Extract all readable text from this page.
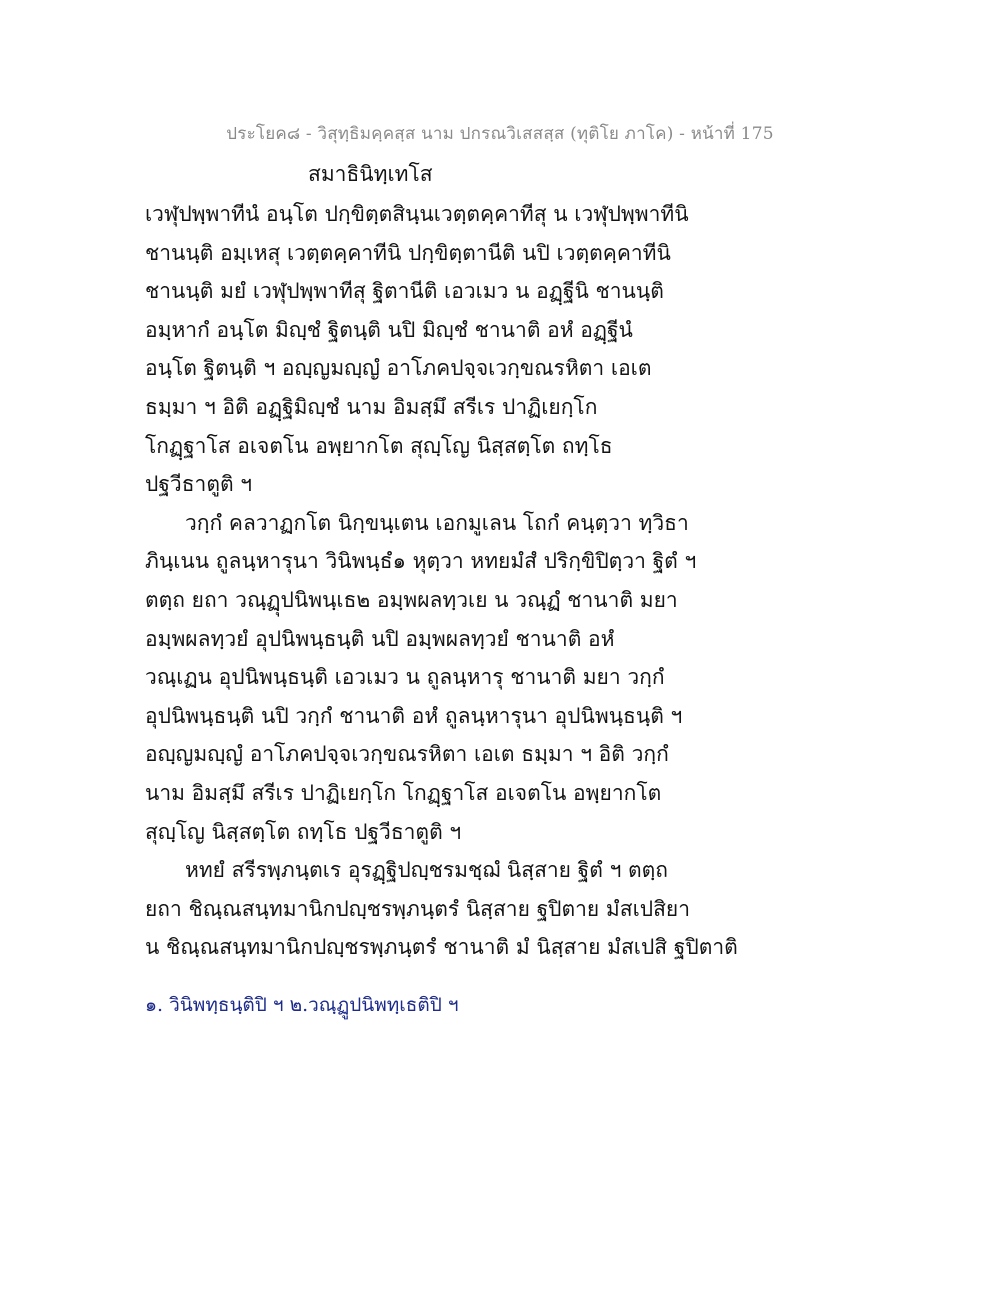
ประโยค๘ - วิสุทฺธิมคฺคสฺส นาม ปกรณวิเสสสฺส (ทุติโย ภาโค) - หน้าที่ 175
สมาธินิทฺเทโส
เวฬุปพฺพาทีนํ อนฺโต ปกฺขิตฺตสินฺนเวตฺตคฺคาทีสุ น เวฬุปพฺพาทีนิ
ชานนฺติ อมฺเหสุ เวตฺตคฺคาทีนิ ปกฺขิตฺตานีติ นปิ เวตฺตคฺคาทีนิ
ชานนฺติ มยํ เวฬุปพฺพาทีสุ ฐิตานีติ เอวเมว น อฏฺฐีนิ ชานนฺติ
อมฺหากํ อนฺโต มิญฺชํ ฐิตนฺติ นปิ มิญฺชํ ชานาติ อหํ อฏฺฐีนํ
อนฺโต ฐิตนฺติ ฯ อญฺญมญฺญํ อาโภคปจฺจเวกฺขณรหิตา เอเต
ธมฺมา ฯ อิติ อฏฺฐิมิญฺชํ นาม อิมสฺมึ สรีเร ปาฏิเยกฺโก
โกฏฺฐาโส อเจตโน อพฺยากโต สุญฺโญ นิสฺสตฺโต ถทฺโธ
ปฐวีธาตูติ ฯ
วกฺกํ คลวาฏกโต นิกฺขนฺเตน เอกมูเลน โถกํ คนฺตฺวา ทฺวิธา
ภินฺเนน ถูลนฺหารุนา วินิพนฺธํ๑ หุตฺวา หทยมํสํ ปริกฺขิปิตฺวา ฐิตํ ฯ
ตตฺถ ยถา วณฺฏุปนิพนฺเธ๒ อมฺพผลทฺวเย น วณฺฏํ ชานาติ มยา
อมฺพผลทฺวยํ อุปนิพนฺธนฺติ นปิ อมฺพผลทฺวยํ ชานาติ อหํ
วณฺเฏน อุปนิพนฺธนฺติ เอวเมว น ถูลนฺหารุ ชานาติ มยา วกฺกํ
อุปนิพนฺธนฺติ นปิ วกฺกํ ชานาติ อหํ ถูลนฺหารุนา อุปนิพนฺธนฺติ ฯ
อญฺญมญฺญํ อาโภคปจฺจเวกฺขณรหิตา เอเต ธมฺมา ฯ อิติ วกฺกํ
นาม อิมสฺมึ สรีเร ปาฏิเยกฺโก โกฏฺฐาโส อเจตโน อพฺยากโต
สุญฺโญ นิสฺสตฺโต ถทฺโธ ปฐวีธาตูติ ฯ
หทยํ สรีรพฺภนฺตเร อุรฏฺฐิปญฺชรมชฺฌํ นิสฺสาย ฐิตํ ฯ ตตฺถ
ยถา ชิณฺณสนฺทมานิกปญฺชรพฺภนฺตรํ นิสฺสาย ฐปิตาย มํสเปสิยา
น ชิณฺณสนฺทมานิกปญฺชรพฺภนฺตรํ ชานาติ มํ นิสฺสาย มํสเปสิ ฐปิตาติ
๑. วินิพทฺธนฺติปิ ฯ ๒.วณฺฏูปนิพทฺเธติปิ ฯ
